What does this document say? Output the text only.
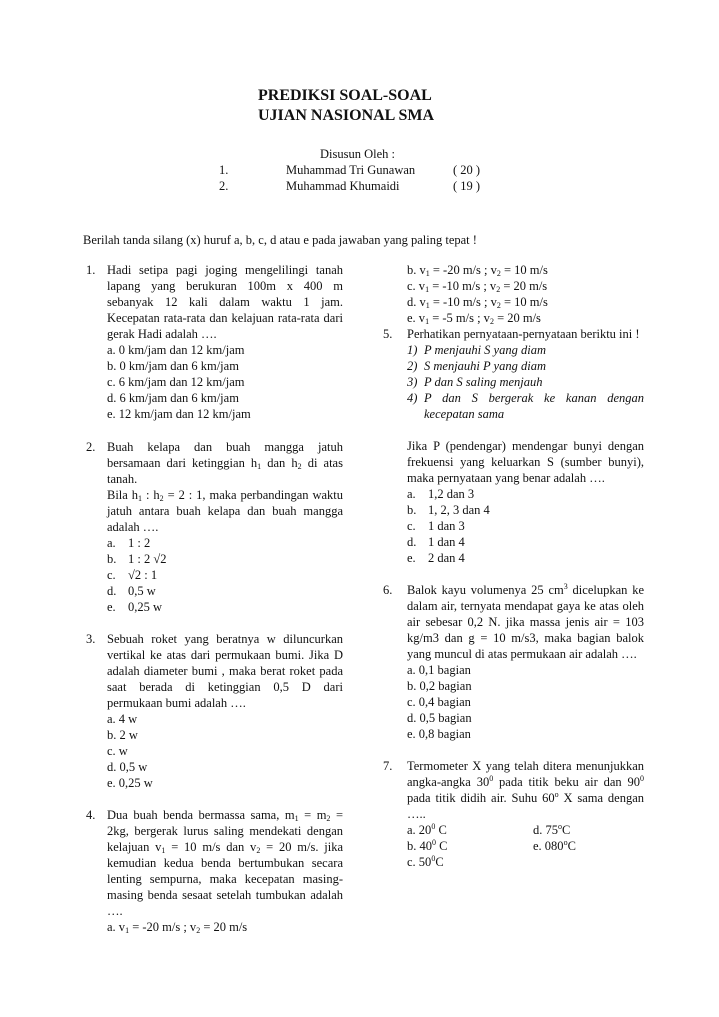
PREDIKSI SOAL-SOAL
UJIAN NASIONAL SMA
Disusun Oleh :
1.	Muhammad Tri Gunawan	( 20 )
2.	Muhammad Khumaidi	( 19 )
Berilah tanda silang (x) huruf a, b, c, d atau e pada jawaban yang paling tepat !
1. Hadi setipa pagi joging mengelilingi tanah lapang yang berukuran 100m x 400 m sebanyak 12 kali dalam waktu 1 jam. Kecepatan rata-rata dan kelajuan rata-rata dari gerak Hadi adalah ….
a. 0 km/jam dan 12 km/jam
b. 0 km/jam dan 6 km/jam
c. 6 km/jam dan 12 km/jam
d. 6 km/jam dan 6 km/jam
e. 12 km/jam dan 12 km/jam
2. Buah kelapa dan buah mangga jatuh bersamaan dari ketinggian $h_1$ dan $h_2$ di atas tanah.
Bila $h_1$ : $h_2 = 2$ : 1, maka perbandingan waktu jatuh antara buah kelapa dan buah mangga adalah ….
a. 1 : 2
b. 1 : 2 √2
c. √2 : 1
d. 0,5 w
e. 0,25 w
3. Sebuah roket yang beratnya w diluncurkan vertikal ke atas dari permukaan bumi. Jika D adalah diameter bumi , maka berat roket pada saat berada di ketinggian 0,5 D dari permukaan bumi adalah ….
a. 4 w
b. 2 w
c. w
d. 0,5 w
e. 0,25 w
4. Dua buah benda bermassa sama, $m_1 = m_2 = 2kg$, bergerak lurus saling mendekati dengan kelajuan $v_1 = 10$ m/s dan $v_2 = 20$ m/s. jika kemudian kedua benda bertumbukan secara lenting sempurna, maka kecepatan masing- masing benda sesaat setelah tumbukan adalah ….
a. $v_1 = -20$ m/s ; $v_2 = 20$ m/s
b. $v_1 = -20$ m/s ; $v_2 = 10$ m/s
c. $v_1 = -10$ m/s ; $v_2 = 20$ m/s
d. $v_1 = -10$ m/s ; $v_2 = 10$ m/s
e. $v_1 = -5$ m/s ; $v_2 = 20$ m/s
5. Perhatikan pernyataan-pernyataan beriktu ini !
1) P menjauhi S yang diam
2) S menjauhi P yang diam
3) P dan S saling menjauh
4) P dan S bergerak ke kanan dengan kecepatan sama
Jika P (pendengar) mendengar bunyi dengan frekuensi yang keluarkan S (sumber bunyi), maka pernyataan yang benar adalah ….
a. 1,2 dan 3
b. 1, 2, 3 dan 4
c. 1 dan 3
d. 1 dan 4
e. 2 dan 4
6. Balok kayu volumenya 25 $cm^3$ dicelupkan ke dalam air, ternyata mendapat gaya ke atas oleh air sebesar 0,2 N. jika massa jenis air = 103 kg/m3 dan g = 10 m/s3, maka bagian balok yang muncul di atas permukaan air adalah ….
a. 0,1 bagian
b. 0,2 bagian
c. 0,4 bagian
d. 0,5 bagian
e. 0,8 bagian
7. Termometer X yang telah ditera menunjukkan angka-angka $30^0$ pada titik beku air dan $90^0$ pada titik didih air. Suhu 60$^o$ X sama dengan …..
a. $20^0$ C	d. 75$^o$C
b. $40^0$ C	e. 080$^o$C
c. $50^0C$
